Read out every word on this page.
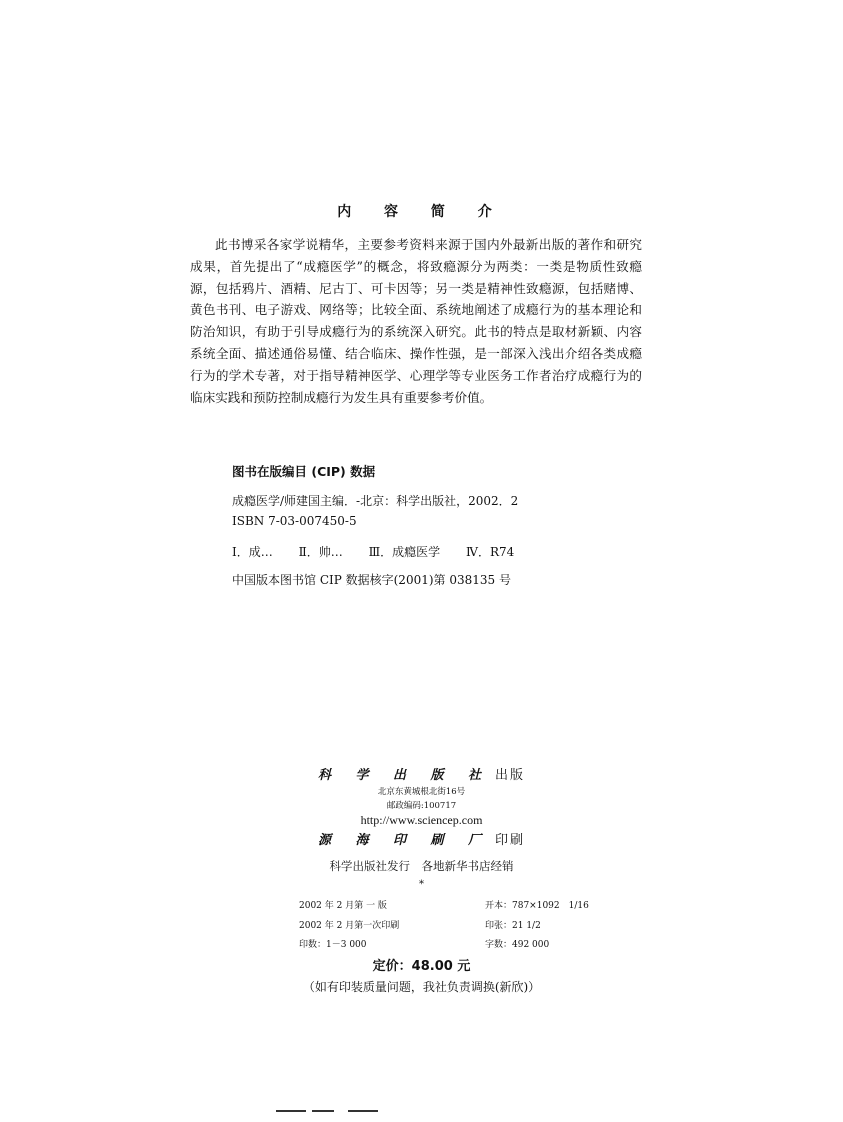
内 容 简 介

此书博采各家学说精华，主要参考资料来源于国内外最新出版的著作和研究成果，首先提出了“成瘾医学”的概念，将致瘾源分为两类：一类是物质性致瘾源，包括鸦片、酒精、尼古丁、可卡因等；另一类是精神性致瘾源，包括赌博、黄色书刊、电子游戏、网络等；比较全面、系统地阐述了成瘾行为的基本理论和防治知识，有助于引导成瘾行为的系统深入研究。此书的特点是取材新颖、内容系统全面、描述通俗易懂、结合临床、操作性强，是一部深入浅出介绍各类成瘾行为的学术专著，对于指导精神医学、心理学等专业医务工作者治疗成瘾行为的临床实践和预防控制成瘾行为发生具有重要参考价值。

图书在版编目 (CIP) 数据
成瘾医学/师建国主编．-北京：科学出版社，2002．2
ISBN 7-03-007450-5
Ⅰ．成… Ⅱ．帅… Ⅲ．成瘾医学 Ⅳ．R74
中国版本图书馆 CIP 数据核字(2001)第 038135 号
科 学 出 版 社 出版
北京东黄城根北街16号
邮政编码:100717
http://www.sciencep.com
源 海 印 刷 厂 印刷
科学出版社发行　各地新华书店经销
*
2002 年 2 月第 一 版	开本：787×1092　1/16
2002 年 2 月第一次印刷	印张：21 1/2
印数：1－3 000	字数：492 000
定价：48.00 元
（如有印装质量问题，我社负责调换(新欣)）
